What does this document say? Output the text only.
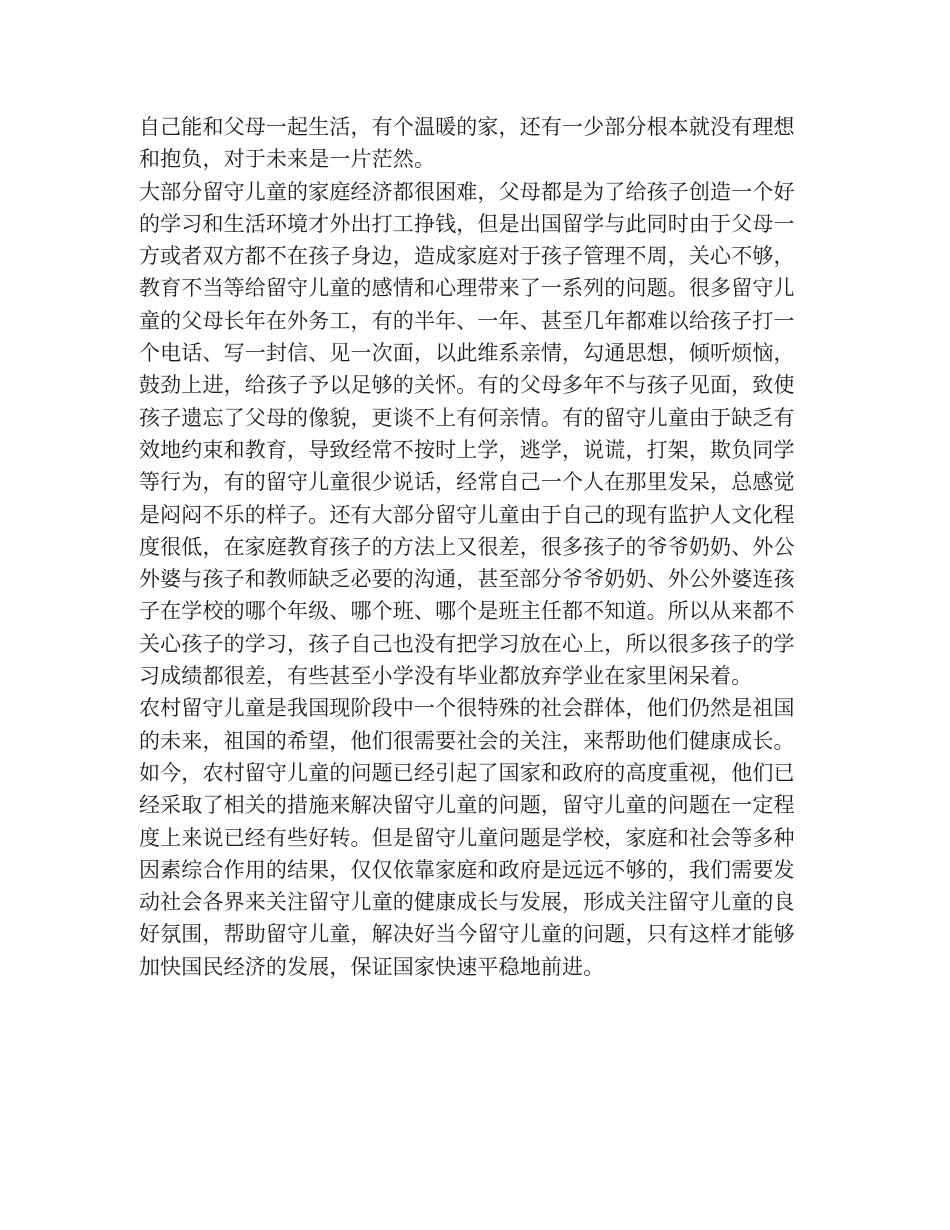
自己能和父母一起生活，有个温暖的家，还有一少部分根本就没有理想
和抱负，对于未来是一片茫然。
大部分留守儿童的家庭经济都很困难，父母都是为了给孩子创造一个好
的学习和生活环境才外出打工挣钱，但是出国留学与此同时由于父母一
方或者双方都不在孩子身边，造成家庭对于孩子管理不周，关心不够，
教育不当等给留守儿童的感情和心理带来了一系列的问题。很多留守儿
童的父母长年在外务工，有的半年、一年、甚至几年都难以给孩子打一
个电话、写一封信、见一次面，以此维系亲情，勾通思想，倾听烦恼，
鼓劲上进，给孩子予以足够的关怀。有的父母多年不与孩子见面，致使
孩子遗忘了父母的像貌，更谈不上有何亲情。有的留守儿童由于缺乏有
效地约束和教育，导致经常不按时上学，逃学，说谎，打架，欺负同学
等行为，有的留守儿童很少说话，经常自己一个人在那里发呆，总感觉
是闷闷不乐的样子。还有大部分留守儿童由于自己的现有监护人文化程
度很低，在家庭教育孩子的方法上又很差，很多孩子的爷爷奶奶、外公
外婆与孩子和教师缺乏必要的沟通，甚至部分爷爷奶奶、外公外婆连孩
子在学校的哪个年级、哪个班、哪个是班主任都不知道。所以从来都不
关心孩子的学习，孩子自己也没有把学习放在心上，所以很多孩子的学
习成绩都很差，有些甚至小学没有毕业都放弃学业在家里闲呆着。
农村留守儿童是我国现阶段中一个很特殊的社会群体，他们仍然是祖国
的未来，祖国的希望，他们很需要社会的关注，来帮助他们健康成长。
如今，农村留守儿童的问题已经引起了国家和政府的高度重视，他们已
经采取了相关的措施来解决留守儿童的问题，留守儿童的问题在一定程
度上来说已经有些好转。但是留守儿童问题是学校，家庭和社会等多种
因素综合作用的结果，仅仅依靠家庭和政府是远远不够的，我们需要发
动社会各界来关注留守儿童的健康成长与发展，形成关注留守儿童的良
好氛围，帮助留守儿童，解决好当今留守儿童的问题，只有这样才能够
加快国民经济的发展，保证国家快速平稳地前进。
